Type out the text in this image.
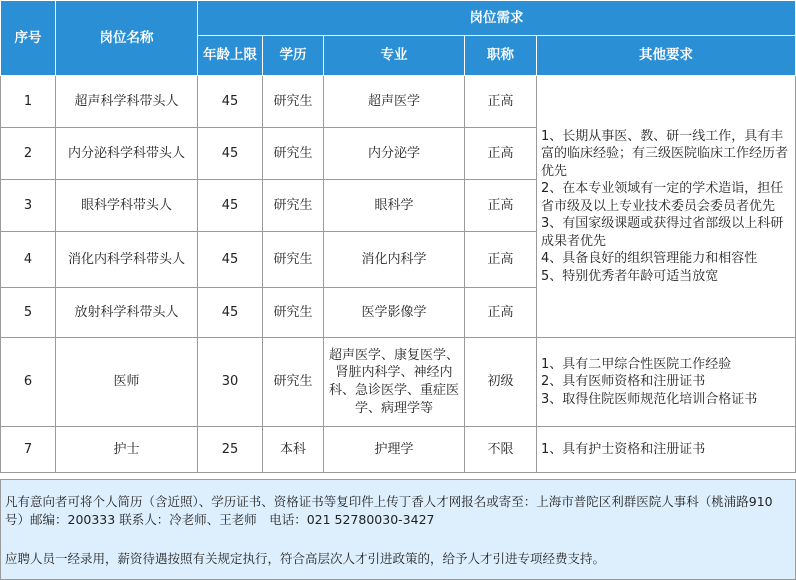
序号	岗位名称	岗位需求				
		年龄上限	学历	专业	职称	其他要求
1	超声科学科带头人	45	研究生	超声医学	正高	1、长期从事医、教、研一线工作，具有丰富的临床经验；有三级医院临床工作经历者优先
2、在本专业领域有一定的学术造诣，担任省市级及以上专业技术委员会委员者优先
3、有国家级课题或获得过省部级以上科研成果者优先
4、具备良好的组织管理能力和相容性
5、特别优秀者年龄可适当放宽

2	内分泌科学科带头人	45	研究生	内分泌学	正高	
3	眼科学科带头人	45	研究生	眼科学	正高	
4	消化内科学科带头人	45	研究生	消化内科学	正高	
5	放射科学科带头人	45	研究生	医学影像学	正高	
6	医师	30	研究生	超声医学、康复医学、肾脏内科学、神经内科、急诊医学、重症医学、病理学等	初级	1、具有二甲综合性医院工作经验
2、具有医师资格和注册证书
3、取得住院医师规范化培训合格证书

7	护士	25	本科	护理学	不限	1、具有护士资格和注册证书

凡有意向者可将个人简历（含近照）、学历证书、资格证书等复印件上传丁香人才网报名或寄至：上海市普陀区利群医院人事科（桃浦路910号）邮编：200333 联系人：冷老师、王老师　电话：021 52780030-3427

应聘人员一经录用，薪资待遇按照有关规定执行，符合高层次人才引进政策的，给予人才引进专项经费支持。
